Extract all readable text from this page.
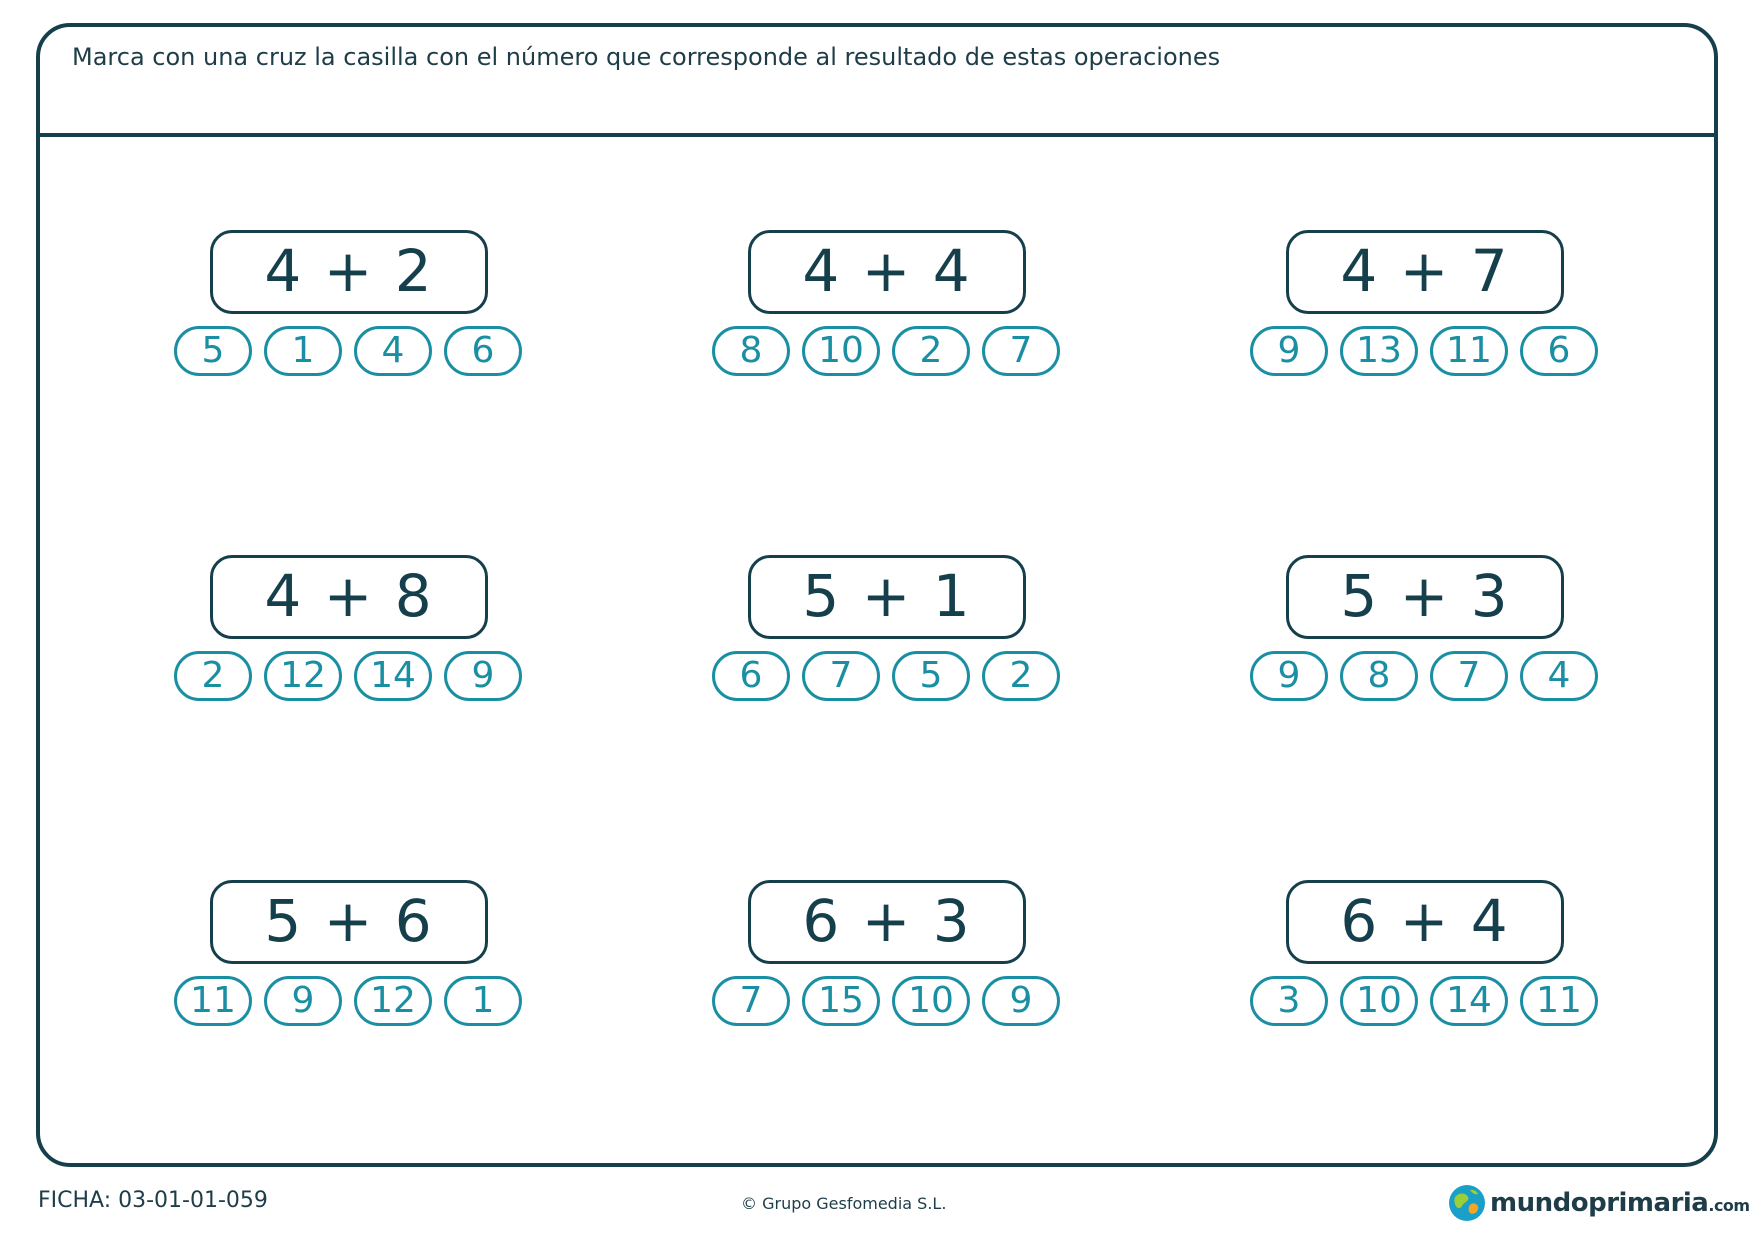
Marca con una cruz la casilla con el número que corresponde al resultado de estas operaciones
4 + 2
5	1	4	6
4 + 4
8	10	2	7
4 + 7
9	13	11	6
4 + 8
2	12	14	9
5 + 1
6	7	5	2
5 + 3
9	8	7	4
5 + 6
11	9	12	1
6 + 3
7	15	10	9
6 + 4
3	10	14	11
FICHA: 03-01-01-059	© Grupo Gesfomedia S.L.	mundoprimaria.com
